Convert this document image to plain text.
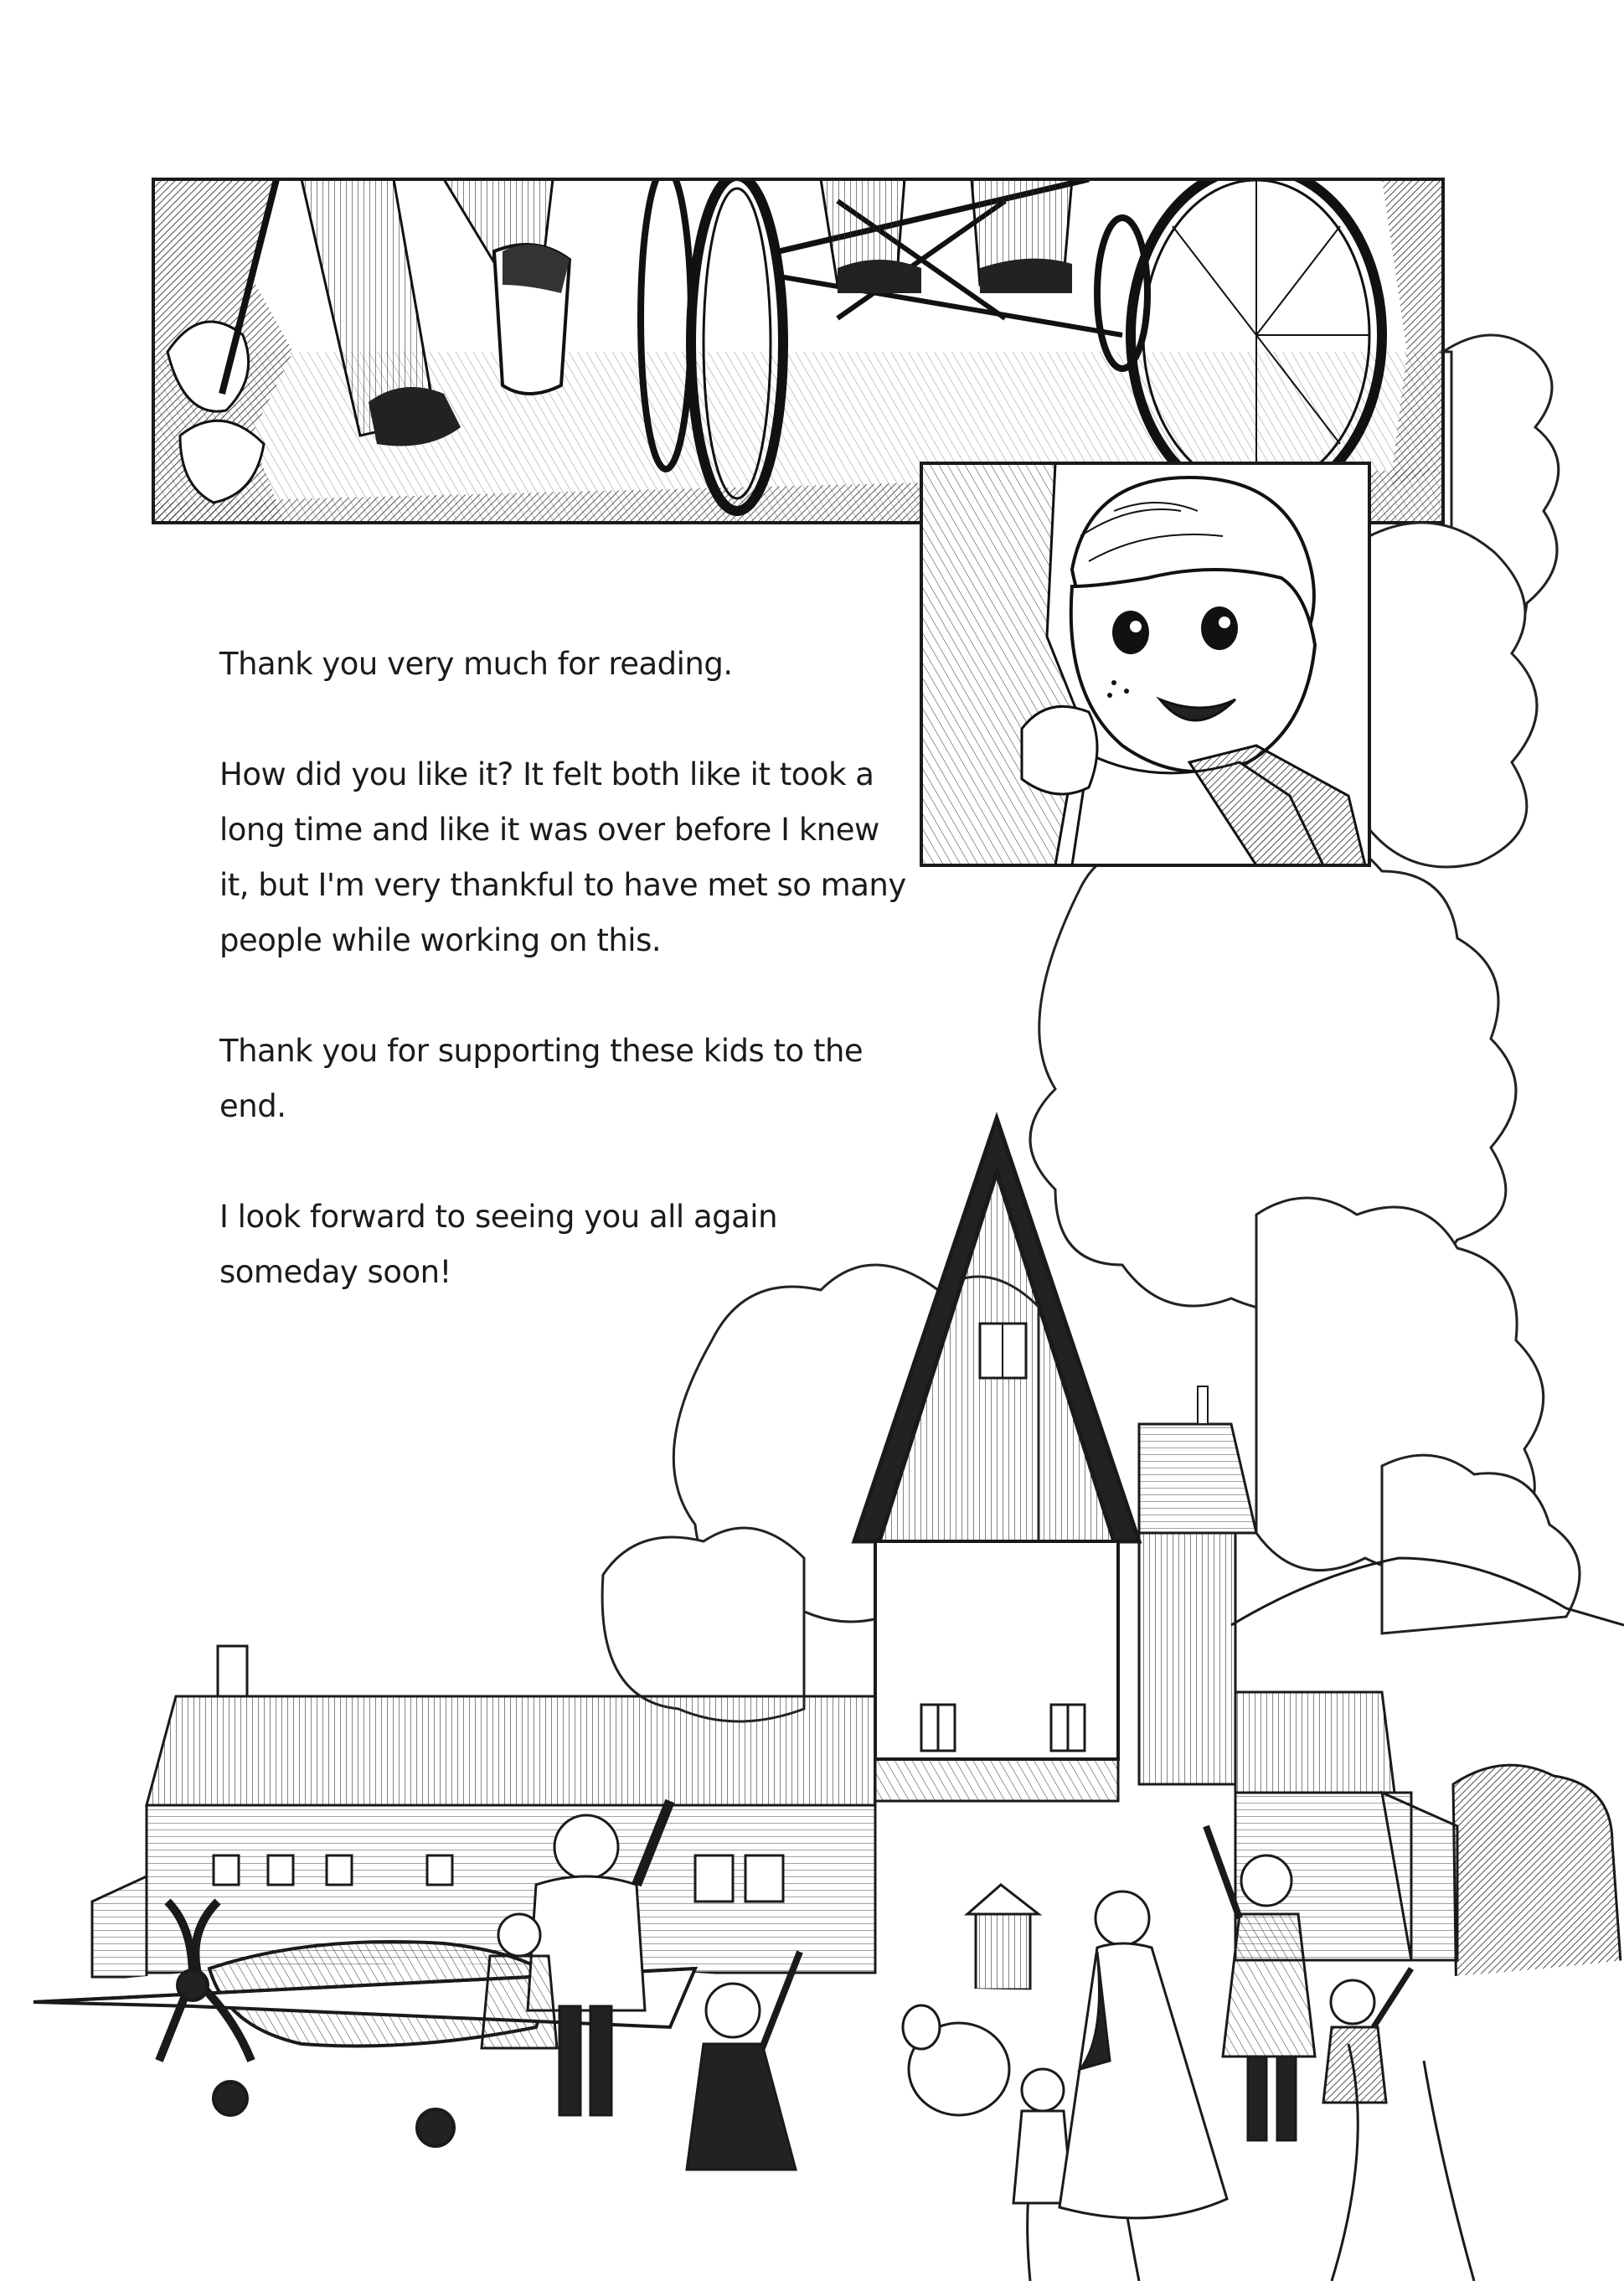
Thank you very much for reading.

How did you like it? It felt both like it took a long time and like it was over before I knew it, but I'm very thankful to have met so many people while working on this.

Thank you for supporting these kids to the end.

I look forward to seeing you all again someday soon!
